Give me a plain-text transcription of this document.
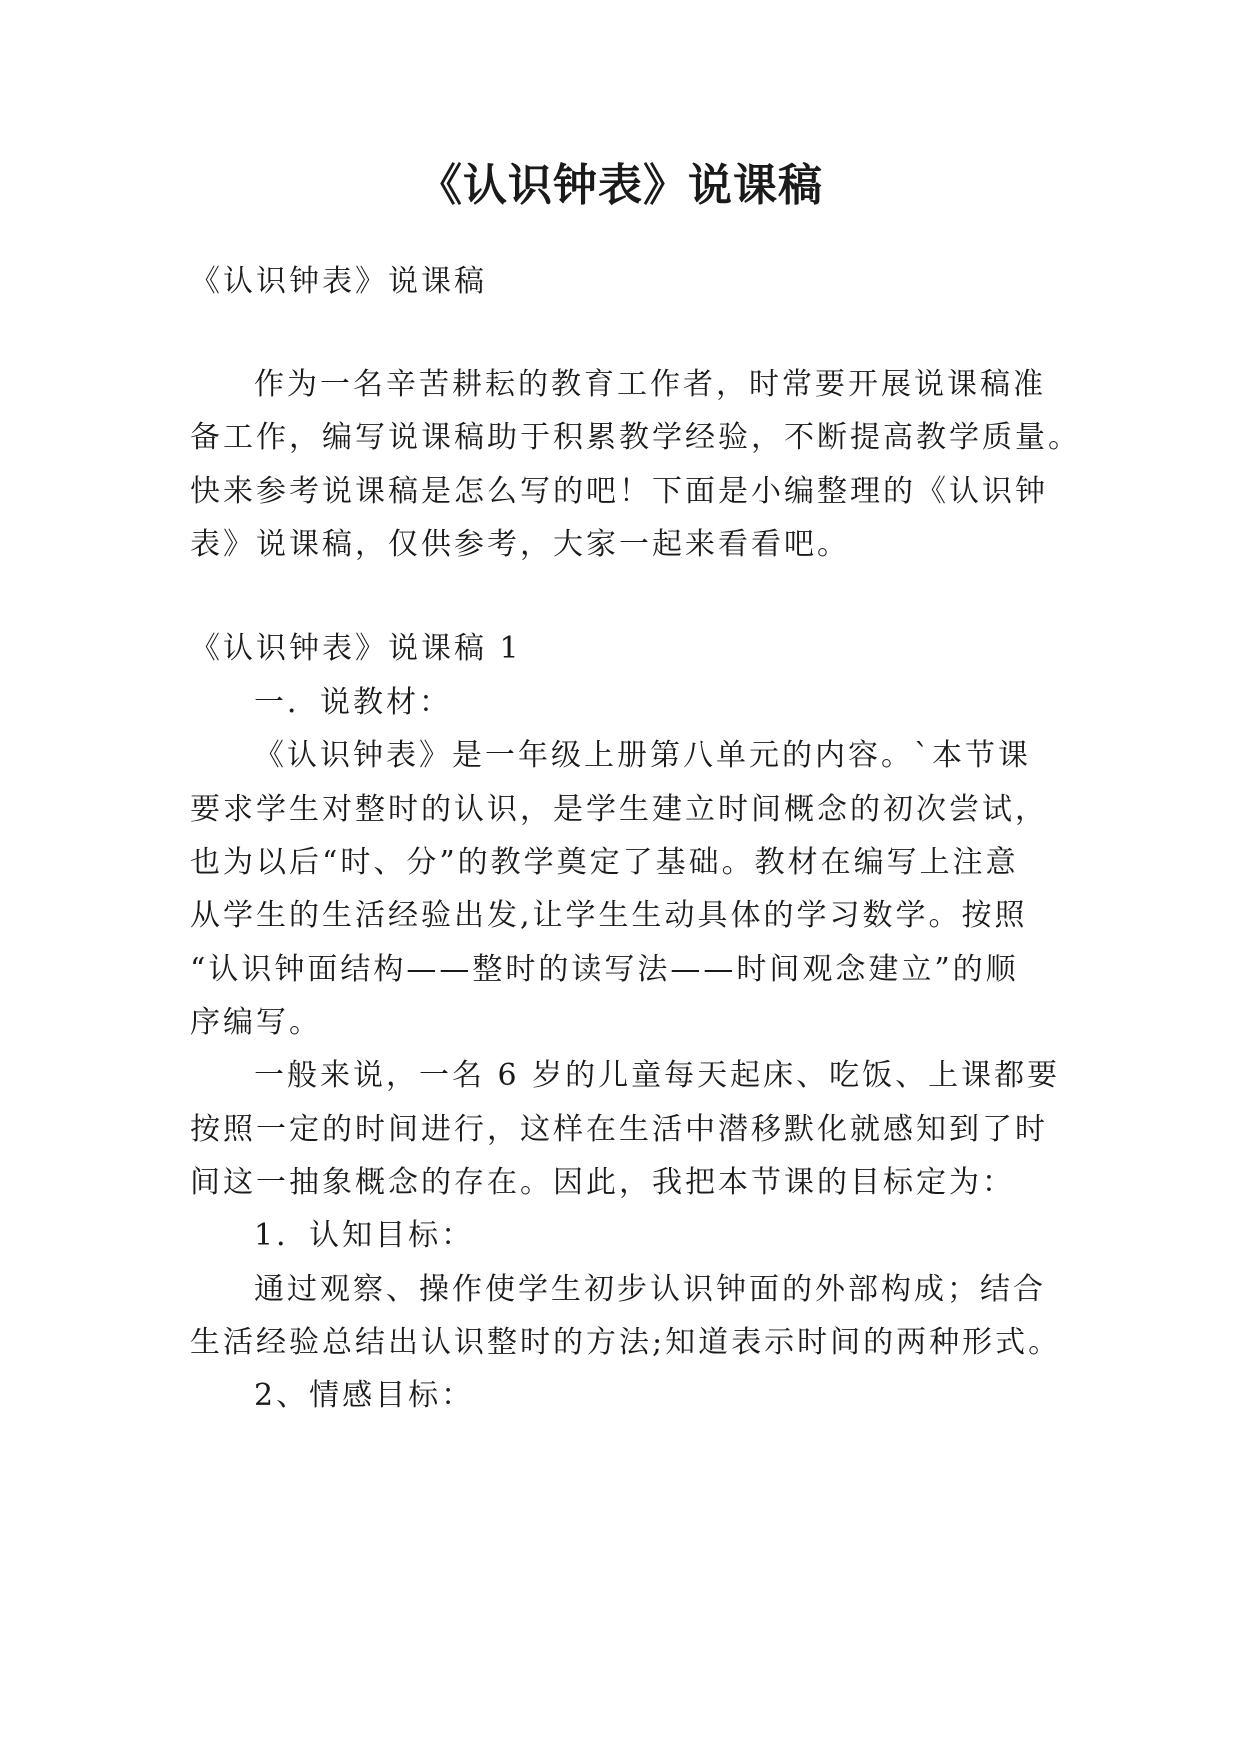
《认识钟表》说课稿
《认识钟表》说课稿
作为一名辛苦耕耘的教育工作者，时常要开展说课稿准
备工作，编写说课稿助于积累教学经验，不断提高教学质量。
快来参考说课稿是怎么写的吧！下面是小编整理的《认识钟
表》说课稿，仅供参考，大家一起来看看吧。
《认识钟表》说课稿 1
一．说教材：
《认识钟表》是一年级上册第八单元的内容。`本节课
要求学生对整时的认识，是学生建立时间概念的初次尝试，
也为以后“时、分”的教学奠定了基础。教材在编写上注意
从学生的生活经验出发,让学生生动具体的学习数学。按照
“认识钟面结构——整时的读写法——时间观念建立”的顺
序编写。
一般来说，一名 6 岁的儿童每天起床、吃饭、上课都要
按照一定的时间进行，这样在生活中潜移默化就感知到了时
间这一抽象概念的存在。因此，我把本节课的目标定为：
1．认知目标：
通过观察、操作使学生初步认识钟面的外部构成；结合
生活经验总结出认识整时的方法;知道表示时间的两种形式。
2、情感目标：
